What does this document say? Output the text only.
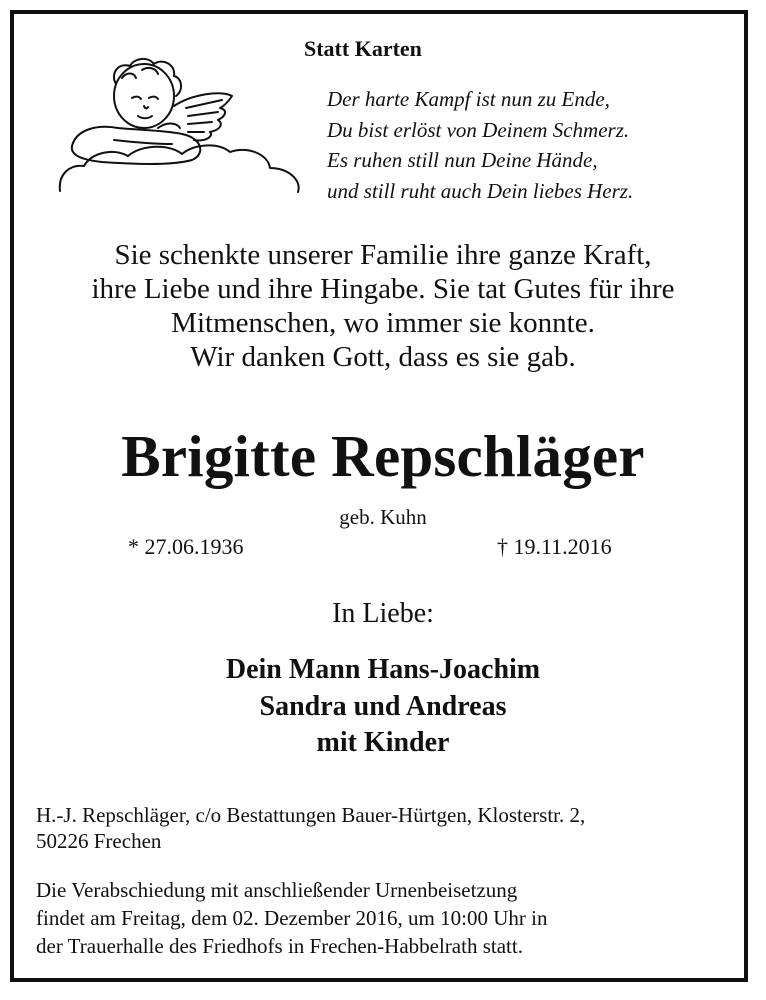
Statt Karten
Der harte Kampf ist nun zu Ende,
Du bist erlöst von Deinem Schmerz.
Es ruhen still nun Deine Hände,
und still ruht auch Dein liebes Herz.
Sie schenkte unserer Familie ihre ganze Kraft,
ihre Liebe und ihre Hingabe. Sie tat Gutes für ihre
Mitmenschen, wo immer sie konnte.
Wir danken Gott, dass es sie gab.
Brigitte Repschläger
geb. Kuhn
* 27.06.1936	† 19.11.2016
In Liebe:
Dein Mann Hans-Joachim
Sandra und Andreas
mit Kinder
H.-J. Repschläger, c/o Bestattungen Bauer-Hürtgen, Klosterstr. 2,
50226 Frechen
Die Verabschiedung mit anschließender Urnenbeisetzung
findet am Freitag, dem 02. Dezember 2016, um 10:00 Uhr in
der Trauerhalle des Friedhofs in Frechen-Habbelrath statt.
